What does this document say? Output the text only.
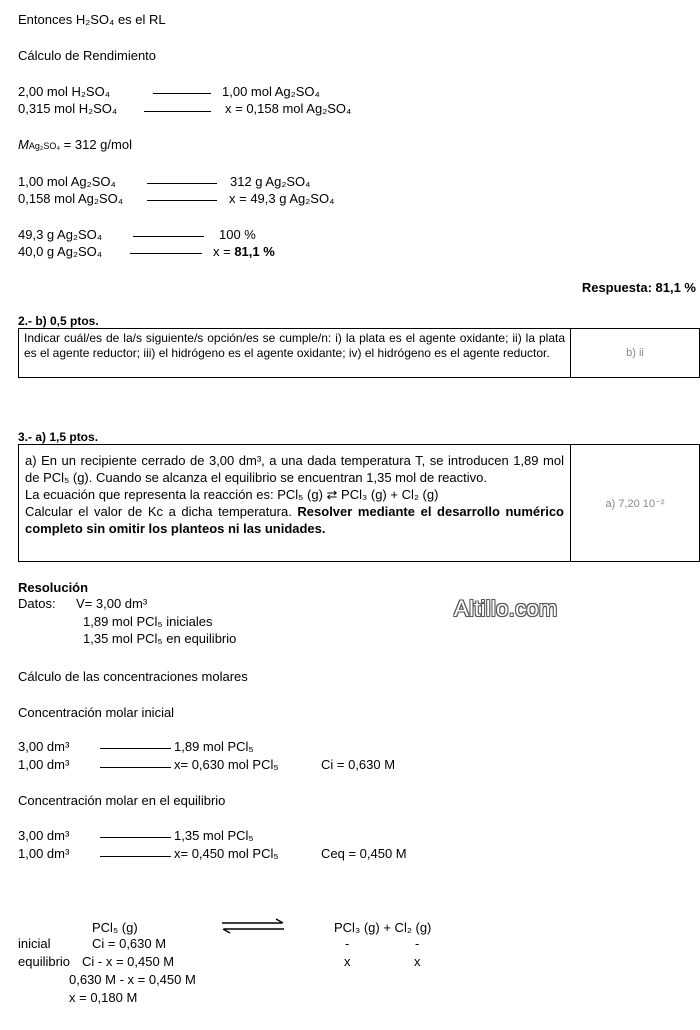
Entonces H₂SO₄ es el RL
Cálculo de Rendimiento
2,00 mol H₂SO₄	1,00 mol Ag₂SO₄
0,315 mol H₂SO₄	x = 0,158 mol Ag₂SO₄
MAg₂SO₄ = 312 g/mol
1,00 mol Ag₂SO₄	312 g Ag₂SO₄
0,158 mol Ag₂SO₄	x = 49,3 g Ag₂SO₄
49,3 g Ag₂SO₄	100 %
40,0 g Ag₂SO₄	x = 81,1 %
Respuesta: 81,1 %
2.- b) 0,5 ptos.
Indicar cuál/es de la/s siguiente/s opción/es se cumple/n: i) la plata es el agente oxidante; ii) la plata es el agente reductor; iii) el hidrógeno es el agente oxidante; iv) el hidrógeno es el agente reductor.	b) ii
3.- a) 1,5 ptos.
a) En un recipiente cerrado de 3,00 dm³, a una dada temperatura T, se introducen 1,89 mol de PCl₅ (g). Cuando se alcanza el equilibrio se encuentran 1,35 mol de reactivo.
La ecuación que representa la reacción es: PCl₅ (g) ⇄ PCl₃ (g) + Cl₂ (g)
Calcular el valor de Kc a dicha temperatura. Resolver mediante el desarrollo numérico completo sin omitir los planteos ni las unidades.
a) 7,20 10⁻²
Resolución
Datos: V= 3,00 dm³
1,89 mol PCl₅ iniciales
1,35 mol PCl₅ en equilibrio
Altillo.com
Cálculo de las concentraciones molares
Concentración molar inicial
3,00 dm³	1,89 mol PCl₅
1,00 dm³	x= 0,630 mol PCl₅	Ci = 0,630 M
Concentración molar en el equilibrio
3,00 dm³	1,35 mol PCl₅
1,00 dm³	x= 0,450 mol PCl₅	Ceq = 0,450 M
PCl₅ (g)	PCl₃ (g) + Cl₂ (g)
inicial	Ci = 0,630 M	-	-
equilibrio Ci - x = 0,450 M	x	x
0,630 M - x = 0,450 M
x = 0,180 M
